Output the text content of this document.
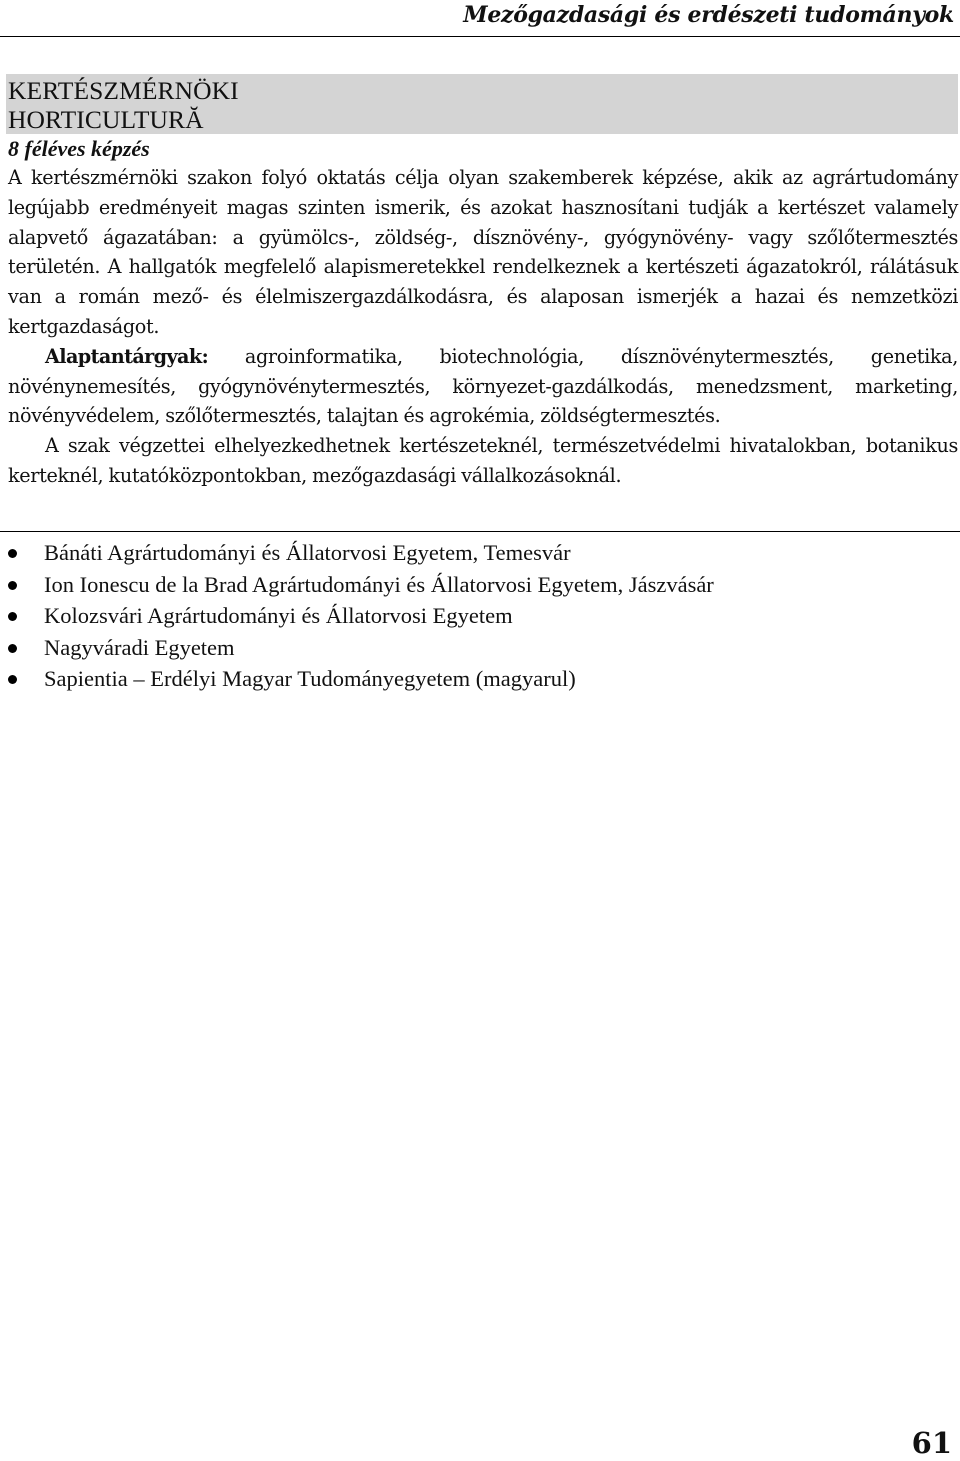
Mezőgazdasági és erdészeti tudományok
KERTÉSZMÉRNÖKI
HORTICULTURĂ
8 féléves képzés

A kertészmérnöki szakon folyó oktatás célja olyan szakemberek képzése, akik az agrártudomány legújabb eredményeit magas szinten ismerik, és azokat hasznosítani tudják a kertészet valamely alapvető ágazatában: a gyümölcs-, zöldség-, dísznövény-, gyógynövény- vagy szőlőtermesztés területén. A hallgatók megfelelő alapismeretekkel rendelkeznek a kertészeti ágazatokról, rálátásuk van a román mező- és élelmiszergazdálkodásra, és alaposan ismerjék a hazai és nemzetközi kertgazdaságot.

Alaptantárgyak: agroinformatika, biotechnológia, dísznövénytermesztés, genetika, növénynemesítés, gyógynövénytermesztés, környezet-gazdálkodás, menedzsment, marketing, növényvédelem, szőlőtermesztés, talajtan és agrokémia, zöldségtermesztés.

A szak végzettei elhelyezkedhetnek kertészeteknél, természetvédelmi hivatalokban, botanikus kerteknél, kutatóközpontokban, mezőgazdasági vállalkozásoknál.

Bánáti Agrártudományi és Állatorvosi Egyetem, Temesvár
Ion Ionescu de la Brad Agrártudományi és Állatorvosi Egyetem, Jászvásár
Kolozsvári Agrártudományi és Állatorvosi Egyetem
Nagyváradi Egyetem
Sapientia – Erdélyi Magyar Tudományegyetem (magyarul)
61
